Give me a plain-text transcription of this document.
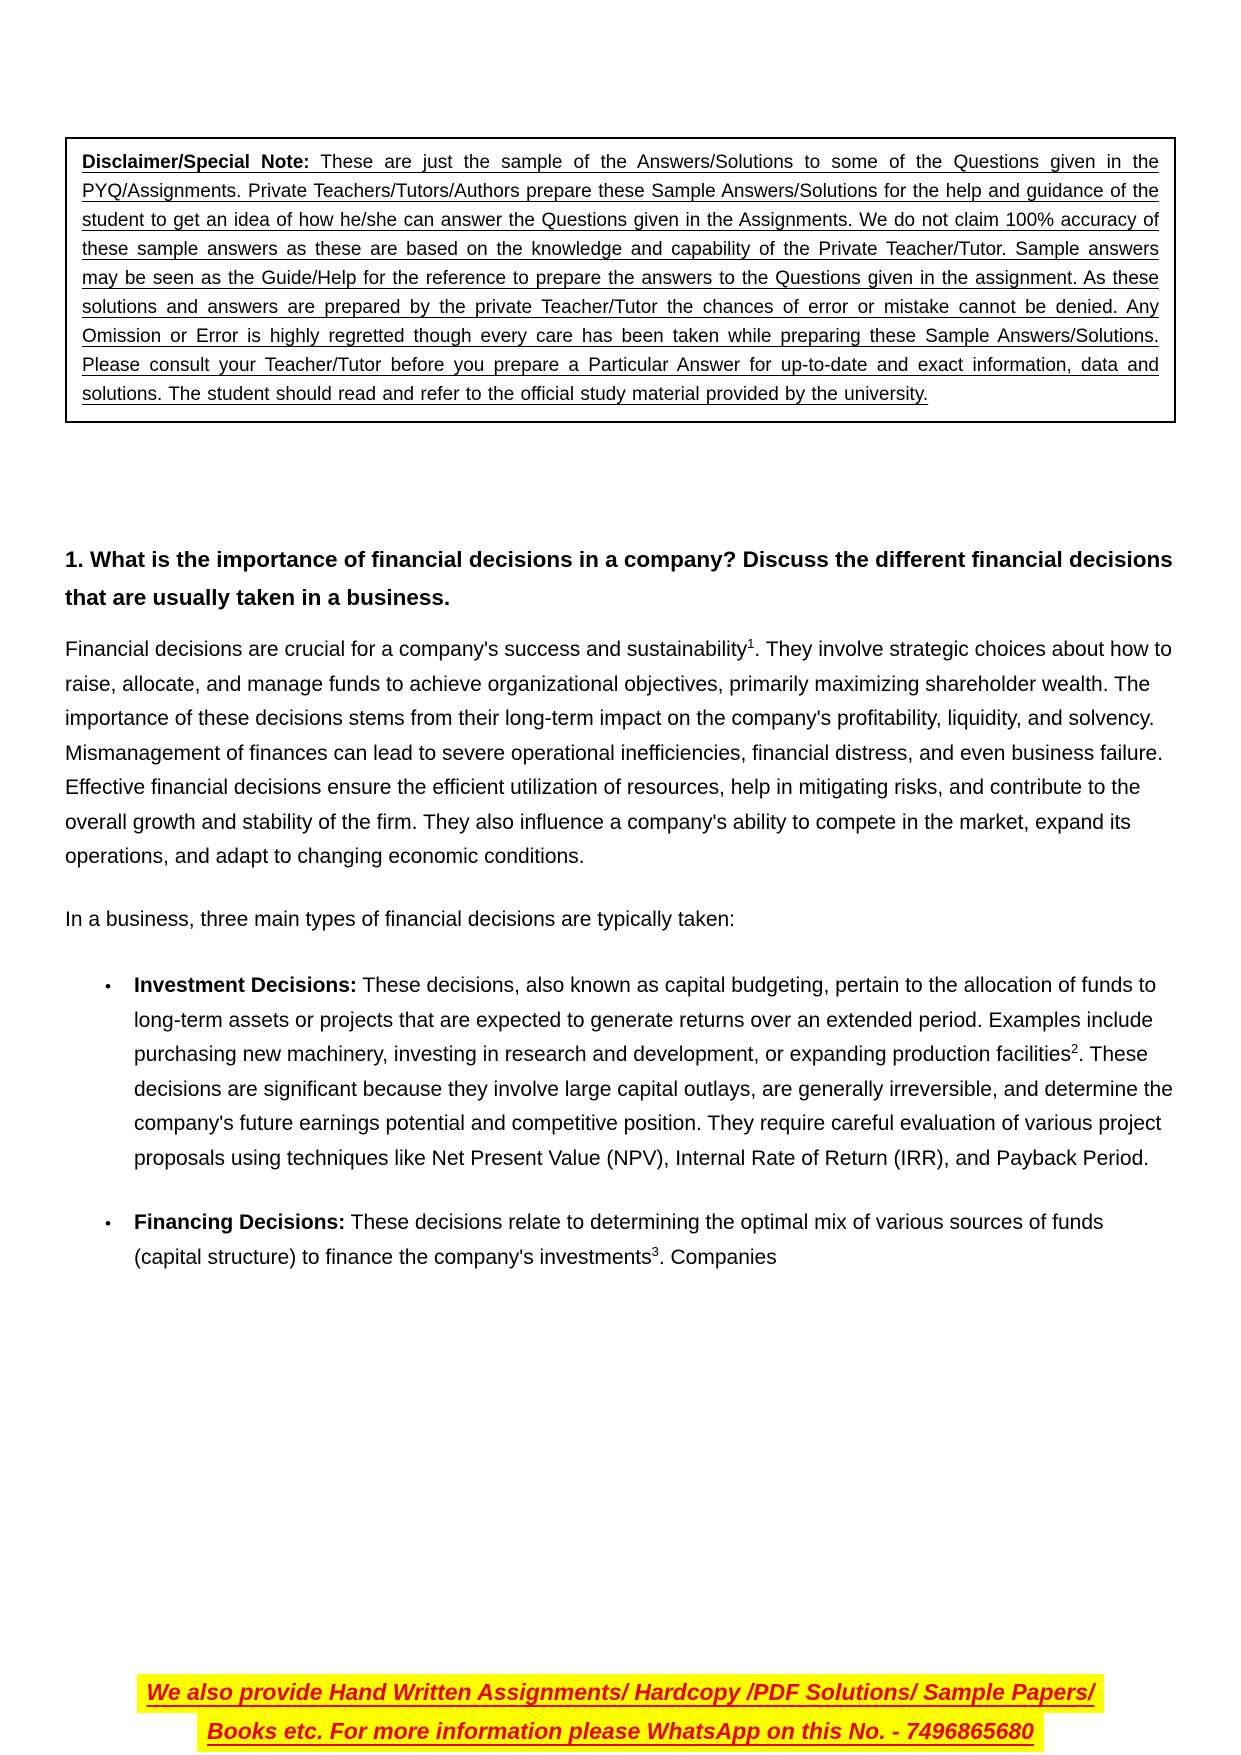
Disclaimer/Special Note: These are just the sample of the Answers/Solutions to some of the Questions given in the PYQ/Assignments. Private Teachers/Tutors/Authors prepare these Sample Answers/Solutions for the help and guidance of the student to get an idea of how he/she can answer the Questions given in the Assignments. We do not claim 100% accuracy of these sample answers as these are based on the knowledge and capability of the Private Teacher/Tutor. Sample answers may be seen as the Guide/Help for the reference to prepare the answers to the Questions given in the assignment. As these solutions and answers are prepared by the private Teacher/Tutor the chances of error or mistake cannot be denied. Any Omission or Error is highly regretted though every care has been taken while preparing these Sample Answers/Solutions. Please consult your Teacher/Tutor before you prepare a Particular Answer for up-to-date and exact information, data and solutions. The student should read and refer to the official study material provided by the university.

1. What is the importance of financial decisions in a company? Discuss the different financial decisions that are usually taken in a business.

Financial decisions are crucial for a company's success and sustainability$^1$. They involve strategic choices about how to raise, allocate, and manage funds to achieve organizational objectives, primarily maximizing shareholder wealth. The importance of these decisions stems from their long-term impact on the company's profitability, liquidity, and solvency. Mismanagement of finances can lead to severe operational inefficiencies, financial distress, and even business failure. Effective financial decisions ensure the efficient utilization of resources, help in mitigating risks, and contribute to the overall growth and stability of the firm. They also influence a company's ability to compete in the market, expand its operations, and adapt to changing economic conditions.

In a business, three main types of financial decisions are typically taken:

• Investment Decisions: These decisions, also known as capital budgeting, pertain to the allocation of funds to long-term assets or projects that are expected to generate returns over an extended period. Examples include purchasing new machinery, investing in research and development, or expanding production facilities$^2$. These decisions are significant because they involve large capital outlays, are generally irreversible, and determine the company's future earnings potential and competitive position. They require careful evaluation of various project proposals using techniques like Net Present Value (NPV), Internal Rate of Return (IRR), and Payback Period.
• Financing Decisions: These decisions relate to determining the optimal mix of various sources of funds (capital structure) to finance the company's investments$^3$. Companies
We also provide Hand Written Assignments/ Hardcopy /PDF Solutions/ Sample Papers/
Books etc. For more information please WhatsApp on this No. - 7496865680
